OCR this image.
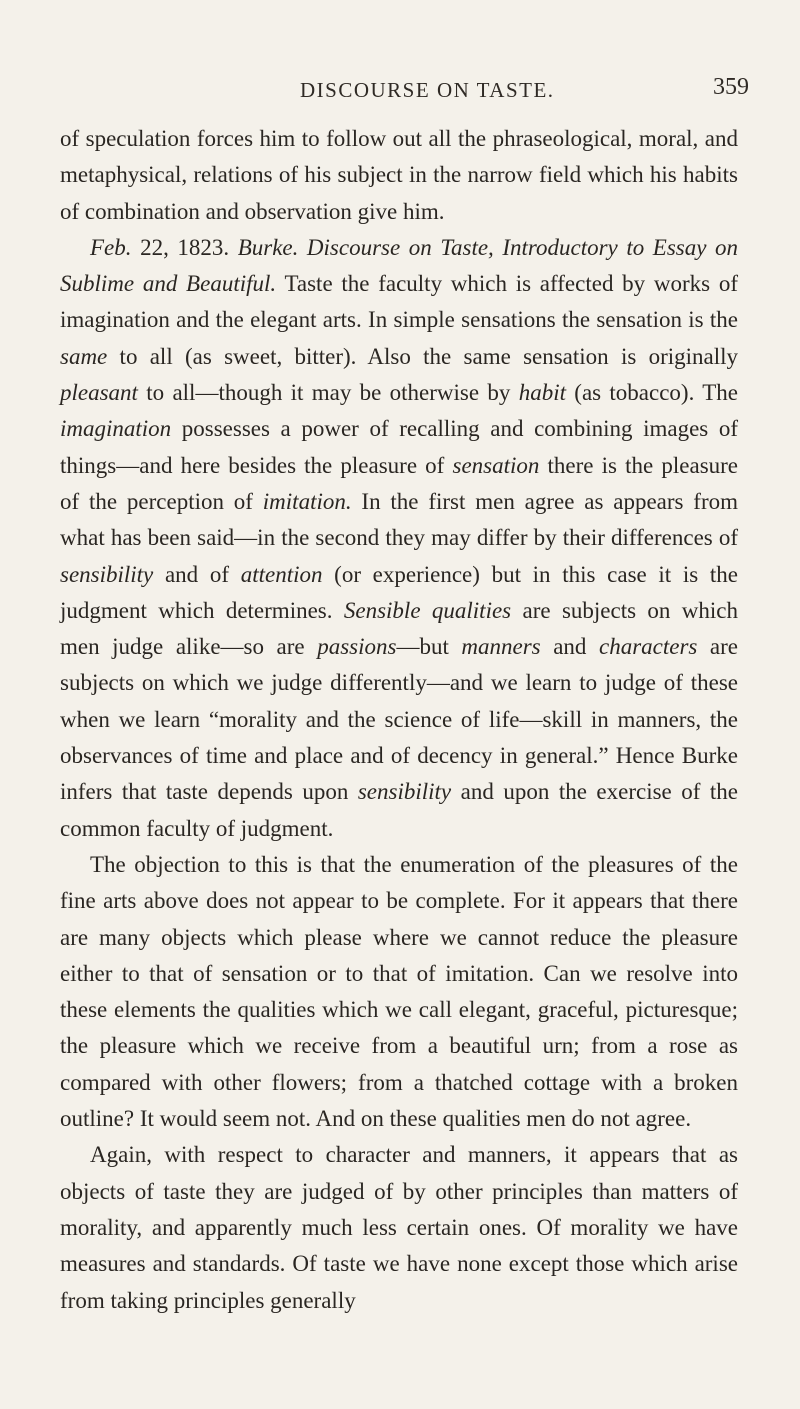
DISCOURSE ON TASTE.	359

of speculation forces him to follow out all the phraseological, moral, and metaphysical, relations of his subject in the narrow field which his habits of combination and observation give him.

Feb. 22, 1823. Burke. Discourse on Taste, Introductory to Essay on Sublime and Beautiful. Taste the faculty which is affected by works of imagination and the elegant arts. In simple sensations the sensation is the same to all (as sweet, bitter). Also the same sensation is originally pleasant to all—though it may be otherwise by habit (as tobacco). The imagination possesses a power of recalling and combining images of things—and here besides the pleasure of sensation there is the pleasure of the perception of imitation. In the first men agree as appears from what has been said—in the second they may differ by their differences of sensibility and of attention (or experience) but in this case it is the judgment which determines. Sensible qualities are subjects on which men judge alike—so are passions—but manners and characters are subjects on which we judge differently—and we learn to judge of these when we learn “morality and the science of life—skill in manners, the observances of time and place and of decency in general.” Hence Burke infers that taste depends upon sensibility and upon the exercise of the common faculty of judgment.

The objection to this is that the enumeration of the pleasures of the fine arts above does not appear to be complete. For it appears that there are many objects which please where we cannot reduce the pleasure either to that of sensation or to that of imitation. Can we resolve into these elements the qualities which we call elegant, graceful, picturesque; the pleasure which we receive from a beautiful urn; from a rose as compared with other flowers; from a thatched cottage with a broken outline? It would seem not. And on these qualities men do not agree.

Again, with respect to character and manners, it appears that as objects of taste they are judged of by other principles than matters of morality, and apparently much less certain ones. Of morality we have measures and standards. Of taste we have none except those which arise from taking principles generally
